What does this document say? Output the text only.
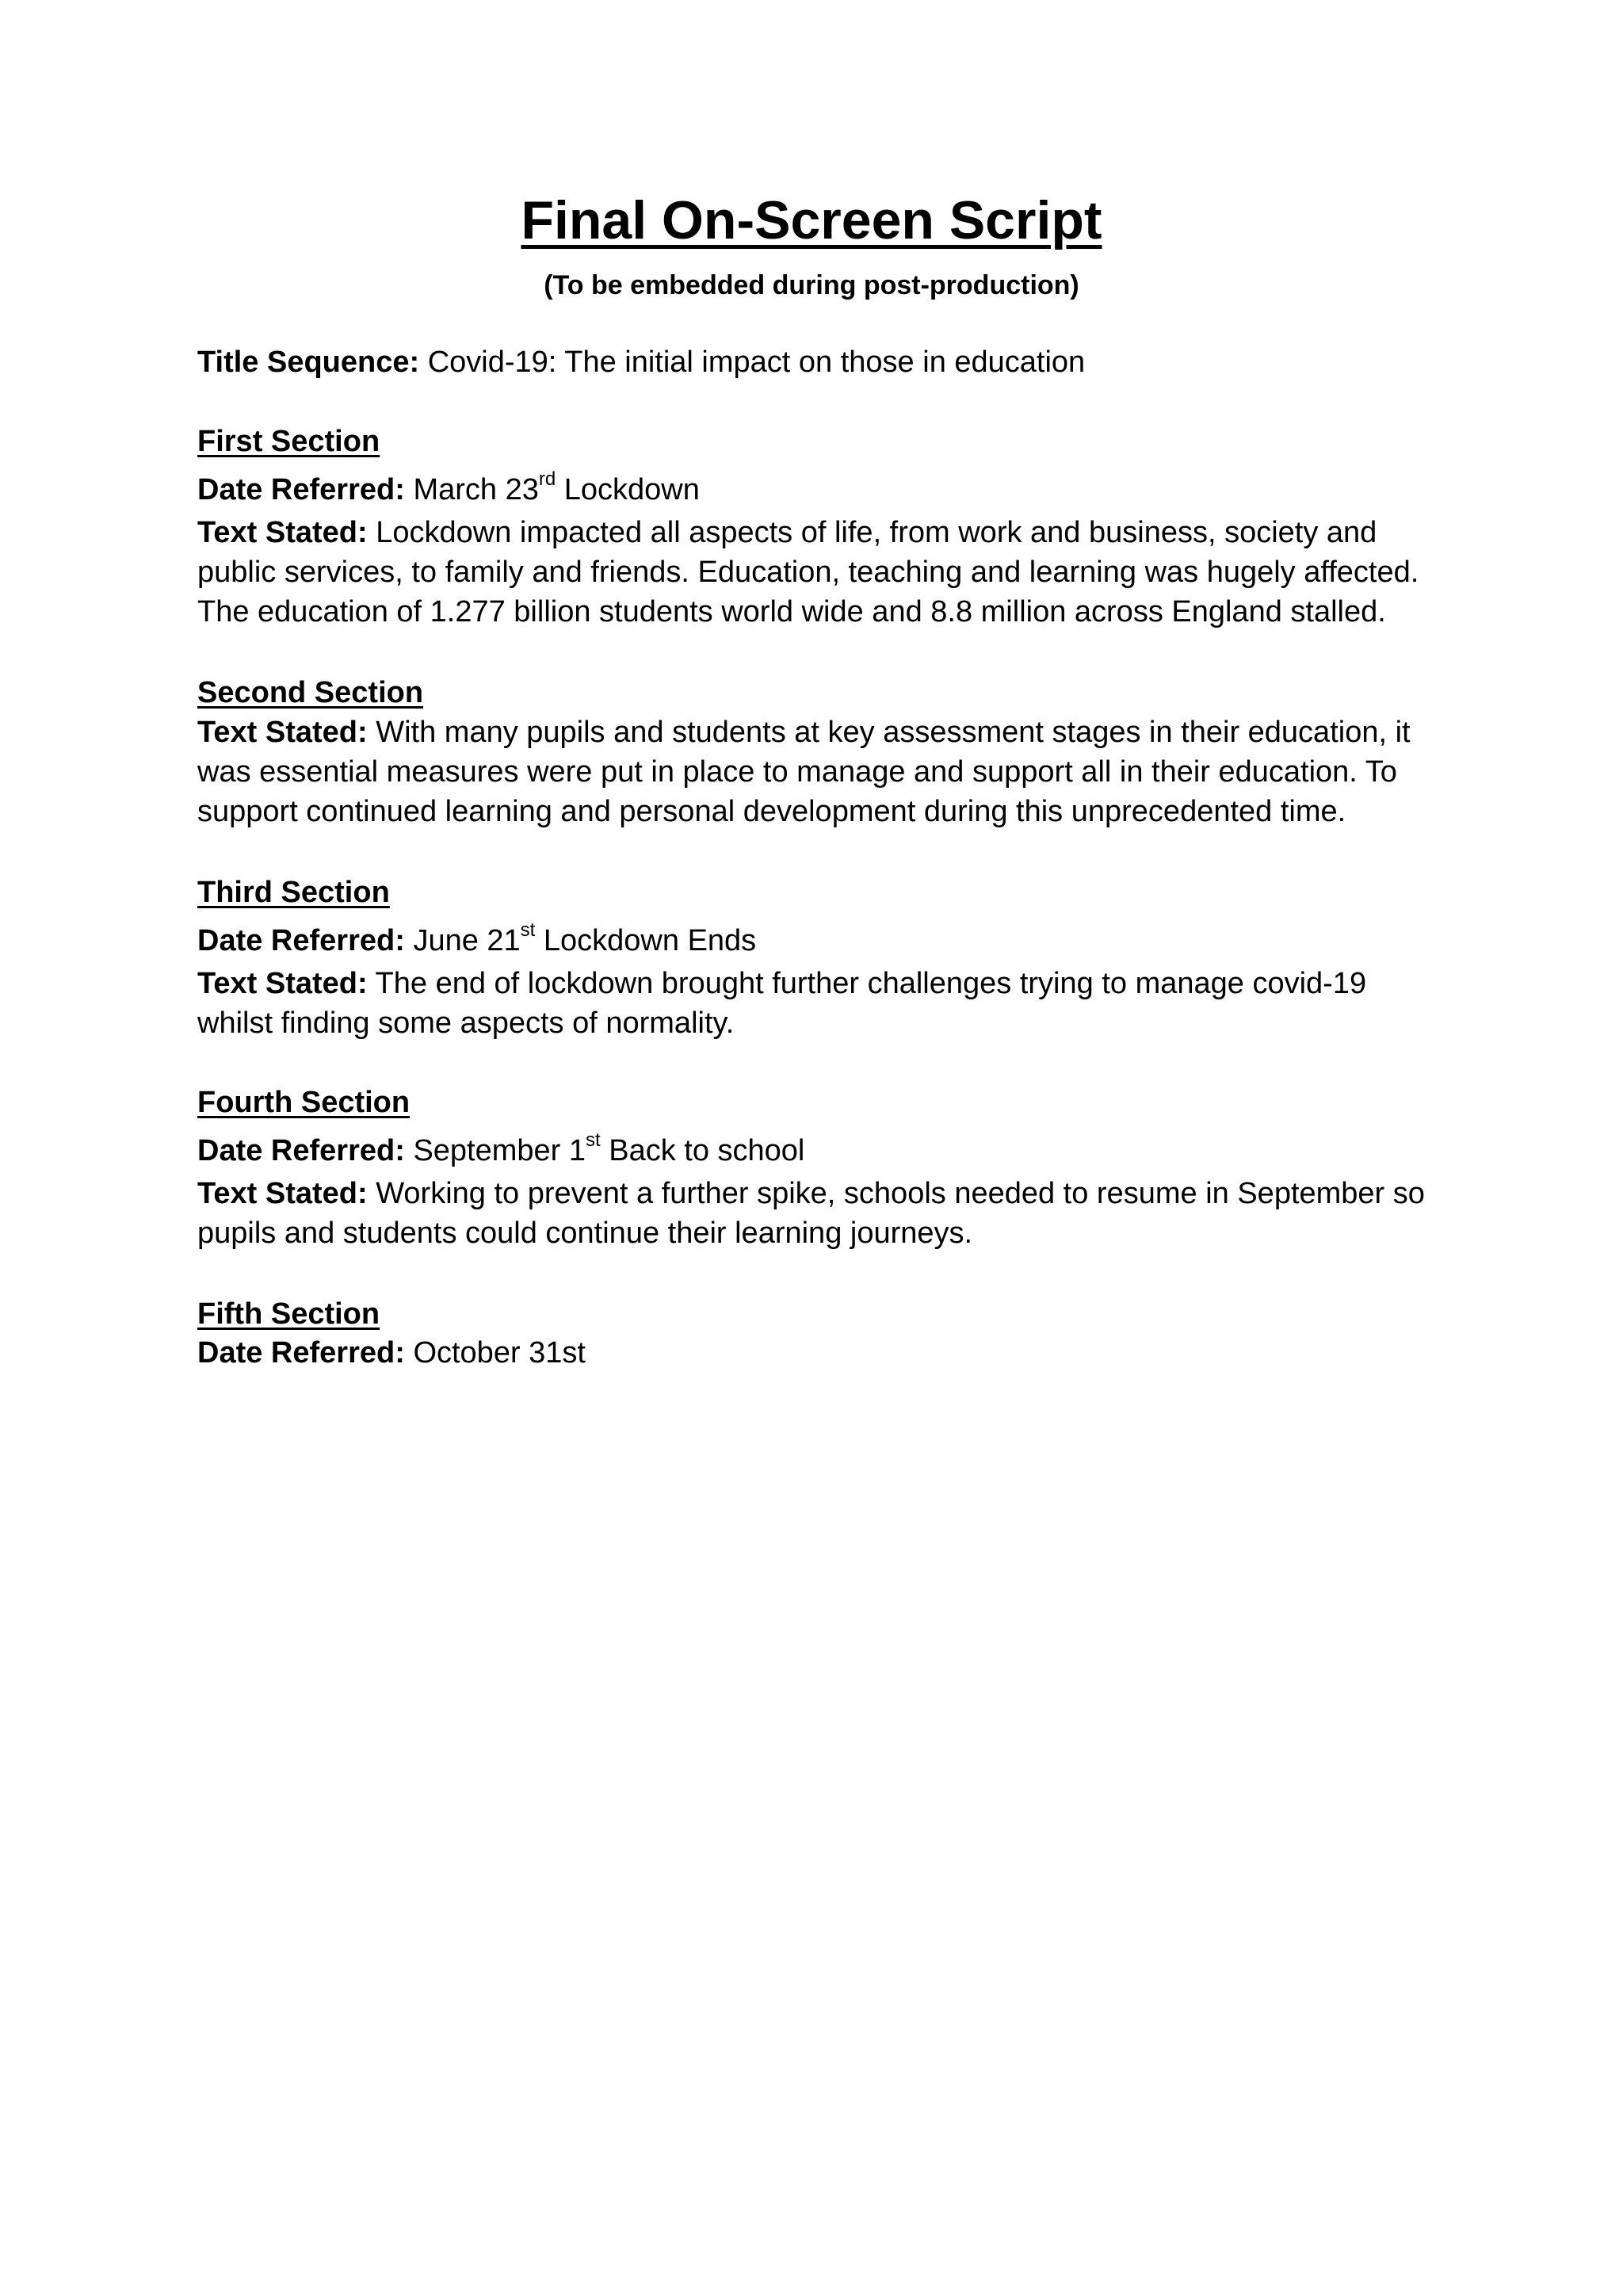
Final On-Screen Script
(To be embedded during post-production)
Title Sequence: Covid-19: The initial impact on those in education
First Section
Date Referred: March 23rd Lockdown
Text Stated: Lockdown impacted all aspects of life, from work and business, society and
public services, to family and friends. Education, teaching and learning was hugely affected.
The education of 1.277 billion students world wide and 8.8 million across England stalled.
Second Section
Text Stated: With many pupils and students at key assessment stages in their education, it
was essential measures were put in place to manage and support all in their education. To
support continued learning and personal development during this unprecedented time.
Third Section
Date Referred: June 21st Lockdown Ends
Text Stated: The end of lockdown brought further challenges trying to manage covid-19
whilst finding some aspects of normality.
Fourth Section
Date Referred: September 1st Back to school
Text Stated: Working to prevent a further spike, schools needed to resume in September so
pupils and students could continue their learning journeys.
Fifth Section
Date Referred: October 31st
